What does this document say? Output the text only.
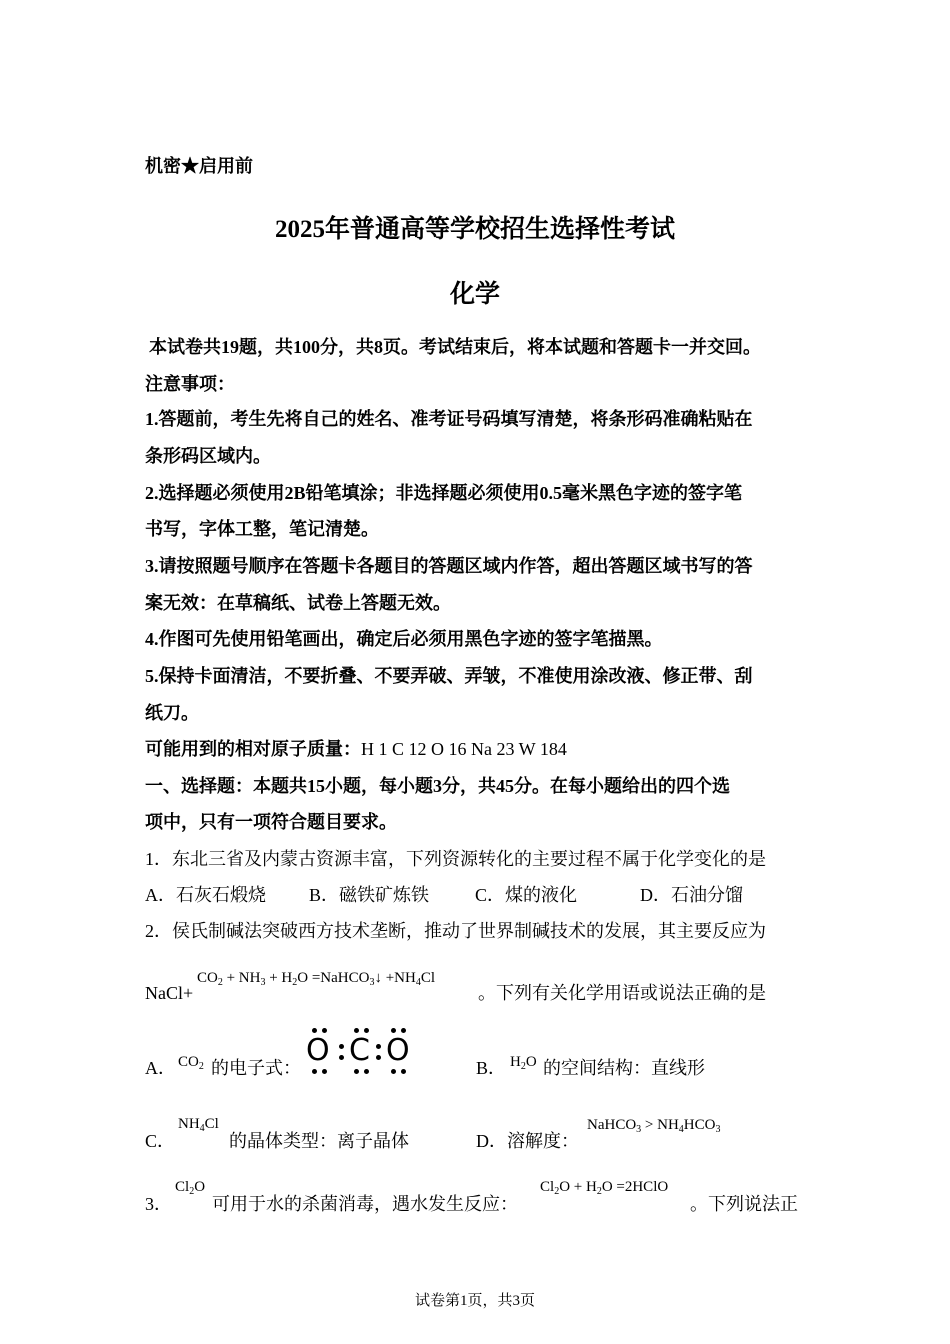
机密★启用前
2025年普通高等学校招生选择性考试
化学
本试卷共19题，共100分，共8页。考试结束后，将本试题和答题卡一并交回。
注意事项：
1.答题前，考生先将自己的姓名、准考证号码填写清楚，将条形码准确粘贴在
条形码区域内。
2.选择题必须使用2B铅笔填涂；非选择题必须使用0.5毫米黑色字迹的签字笔
书写，字体工整，笔记清楚。
3.请按照题号顺序在答题卡各题目的答题区域内作答，超出答题区域书写的答
案无效：在草稿纸、试卷上答题无效。
4.作图可先使用铅笔画出，确定后必须用黑色字迹的签字笔描黑。
5.保持卡面清洁，不要折叠、不要弄破、弄皱，不准使用涂改液、修正带、刮
纸刀。
可能用到的相对原子质量：H 1 C 12 O 16 Na 23 W 184
一、选择题：本题共15小题，每小题3分，共45分。在每小题给出的四个选
项中，只有一项符合题目要求。
1．东北三省及内蒙古资源丰富，下列资源转化的主要过程不属于化学变化的是
A．石灰石煅烧 B．磁铁矿炼铁	C．煤的液化	D．石油分馏
2．侯氏制碱法突破西方技术垄断，推动了世界制碱技术的发展，其主要反应为
NaCl+
$CO_2 + NH_3 + H_2O$ =NaHCO$_3$↓ $+NH_4Cl$
。下列有关化学用语或说法正确的是
A． $CO_2$ 的电子式： O C O	B． $H_2O$ 的空间结构：直线形
C．
$NH_4Cl$
的晶体类型：离子晶体	D．溶解度：
NaHCO$_3$ > $NH_4HCO_3$
3．
$Cl_2O$
可用于水的杀菌消毒，遇水发生反应：
$Cl_2O + H_2O$ =2HClO
。下列说法正
试卷第1页，共3页
